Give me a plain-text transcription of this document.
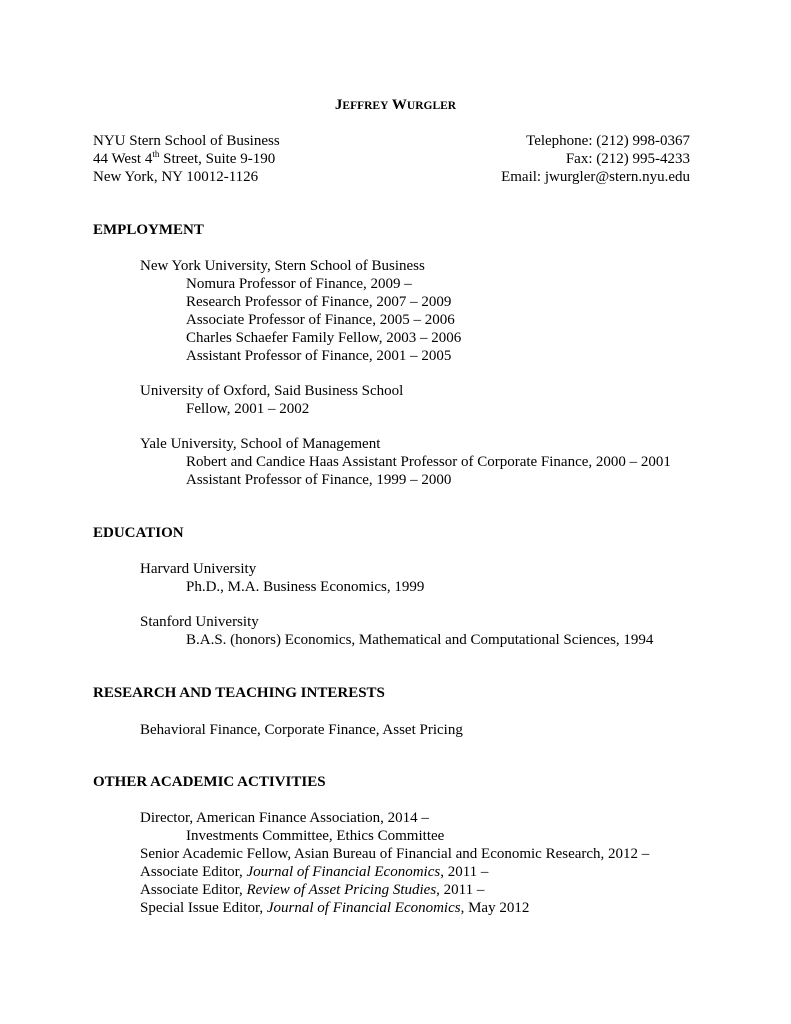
JEFFREY WURGLER
NYU Stern School of Business
44 West 4th Street, Suite 9-190
New York, NY 10012-1126
Telephone: (212) 998-0367
Fax: (212) 995-4233
Email: jwurgler@stern.nyu.edu
EMPLOYMENT
New York University, Stern School of Business
Nomura Professor of Finance, 2009 –
Research Professor of Finance, 2007 – 2009
Associate Professor of Finance, 2005 – 2006
Charles Schaefer Family Fellow, 2003 – 2006
Assistant Professor of Finance, 2001 – 2005
University of Oxford, Said Business School
Fellow, 2001 – 2002
Yale University, School of Management
Robert and Candice Haas Assistant Professor of Corporate Finance, 2000 – 2001
Assistant Professor of Finance, 1999 – 2000
EDUCATION
Harvard University
Ph.D., M.A. Business Economics, 1999
Stanford University
B.A.S. (honors) Economics, Mathematical and Computational Sciences, 1994
RESEARCH AND TEACHING INTERESTS
Behavioral Finance, Corporate Finance, Asset Pricing
OTHER ACADEMIC ACTIVITIES
Director, American Finance Association, 2014 –
Investments Committee, Ethics Committee
Senior Academic Fellow, Asian Bureau of Financial and Economic Research, 2012 –
Associate Editor, Journal of Financial Economics, 2011 –
Associate Editor, Review of Asset Pricing Studies, 2011 –
Special Issue Editor, Journal of Financial Economics, May 2012
